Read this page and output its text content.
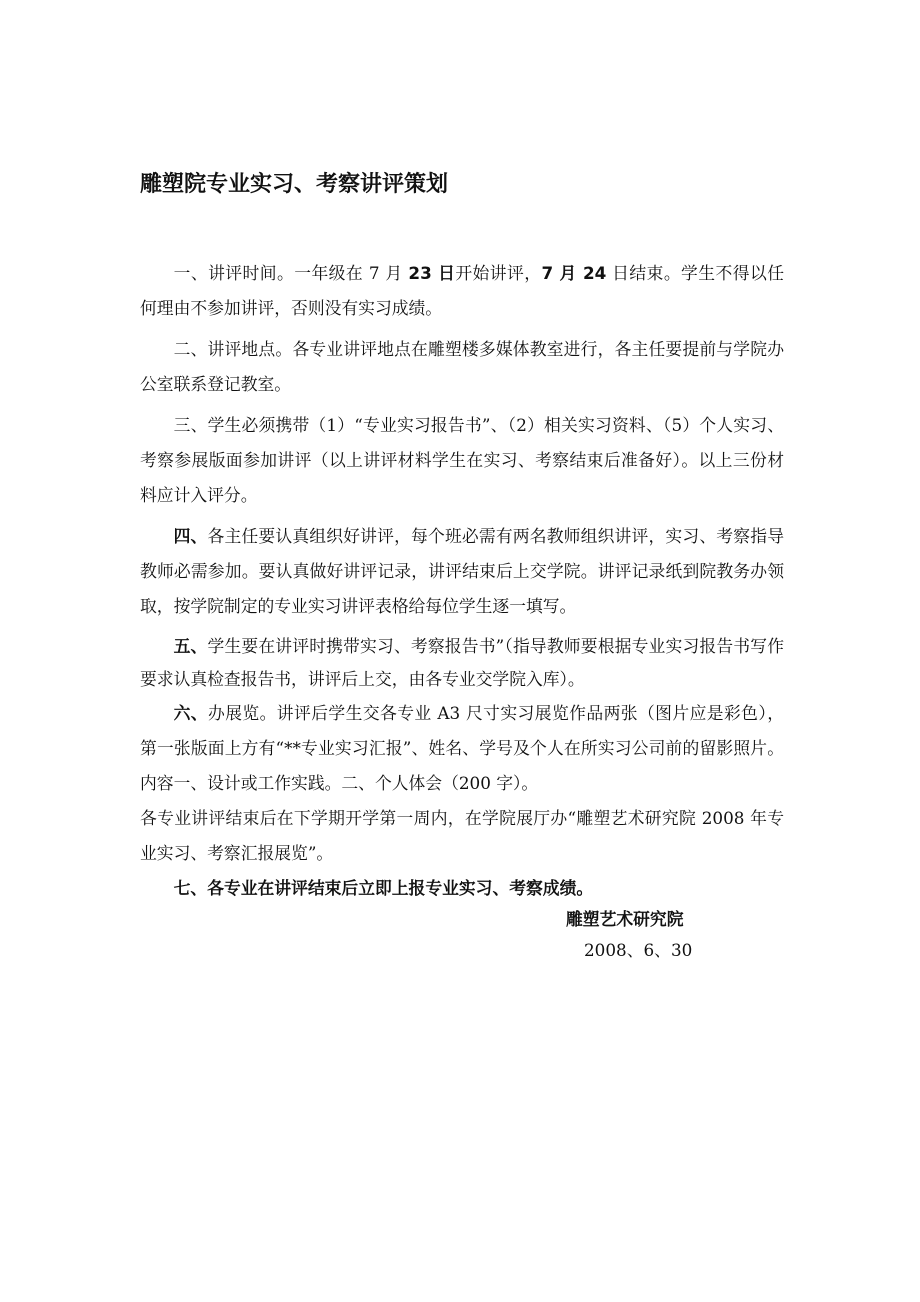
雕塑院专业实习、考察讲评策划

一、讲评时间。一年级在 7 月 23 日开始讲评，7 月 24 日结束。学生不得以任何理由不参加讲评，否则没有实习成绩。

二、讲评地点。各专业讲评地点在雕塑楼多媒体教室进行，各主任要提前与学院办公室联系登记教室。

三、学生必须携带（1）“专业实习报告书”、（2）相关实习资料、（5）个人实习、考察参展版面参加讲评（以上讲评材料学生在实习、考察结束后准备好）。以上三份材料应计入评分。

四、各主任要认真组织好讲评，每个班必需有两名教师组织讲评，实习、考察指导教师必需参加。要认真做好讲评记录，讲评结束后上交学院。讲评记录纸到院教务办领取，按学院制定的专业实习讲评表格给每位学生逐一填写。

五、学生要在讲评时携带实习、考察报告书”（指导教师要根据专业实习报告书写作要求认真检查报告书，讲评后上交，由各专业交学院入库）。

六、办展览。讲评后学生交各专业 A3 尺寸实习展览作品两张（图片应是彩色），第一张版面上方有“**专业实习汇报”、姓名、学号及个人在所实习公司前的留影照片。内容一、设计或工作实践。二、个人体会（200 字）。

各专业讲评结束后在下学期开学第一周内，在学院展厅办“雕塑艺术研究院 2008 年专业实习、考察汇报展览”。

七、各专业在讲评结束后立即上报专业实习、考察成绩。

雕塑艺术研究院
2008、6、30
